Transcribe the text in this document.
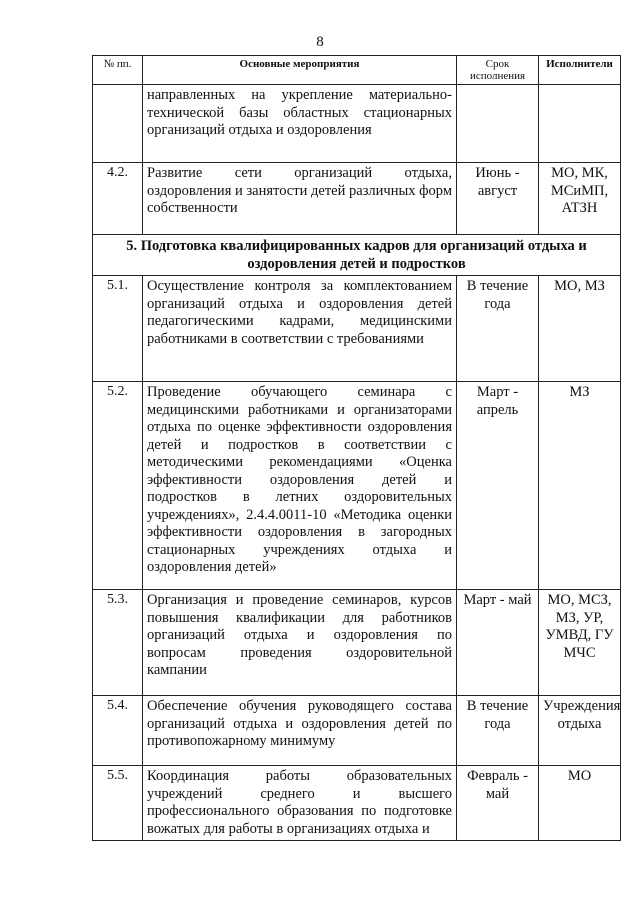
8
№ пп.	Основные мероприятия	Срок исполнения	Исполнители
	направленных на укрепление материально-технической базы областных стационарных организаций отдыха и оздоровления		
4.2.	Развитие сети организаций отдыха, оздоровления и занятости детей различных форм собственности	Июнь - август	МО, МК, МСиМП, АТЗН
5. Подготовка квалифицированных кадров для организаций отдыха и оздоровления детей и подростков			
5.1.	Осуществление контроля за комплектованием организаций отдыха и оздоровления детей педагогическими кадрами, медицинскими работниками в соответствии с требованиями	В течение года	МО, МЗ
5.2.	Проведение обучающего семинара с медицинскими работниками и организаторами отдыха по оценке эффективности оздоровления детей и подростков в соответствии с методическими рекомендациями «Оценка эффективности оздоровления детей и подростков в летних оздоровительных учреждениях», 2.4.4.0011-10 «Методика оценки эффективности оздоровления в загородных стационарных учреждениях отдыха и оздоровления детей»	Март - апрель	МЗ
5.3.	Организация и проведение семинаров, курсов повышения квалификации для работников организаций отдыха и оздоровления по вопросам проведения оздоровительной кампании	Март - май	МО, МСЗ, МЗ, УР, УМВД, ГУ МЧС
5.4.	Обеспечение обучения руководящего состава организаций отдыха и оздоровления детей по противопожарному минимуму	В течение года	Учреждения отдыха
5.5.	Координация работы образовательных учреждений среднего и высшего профессионального образования по подготовке вожатых для работы в организациях отдыха и	Февраль - май	МО
